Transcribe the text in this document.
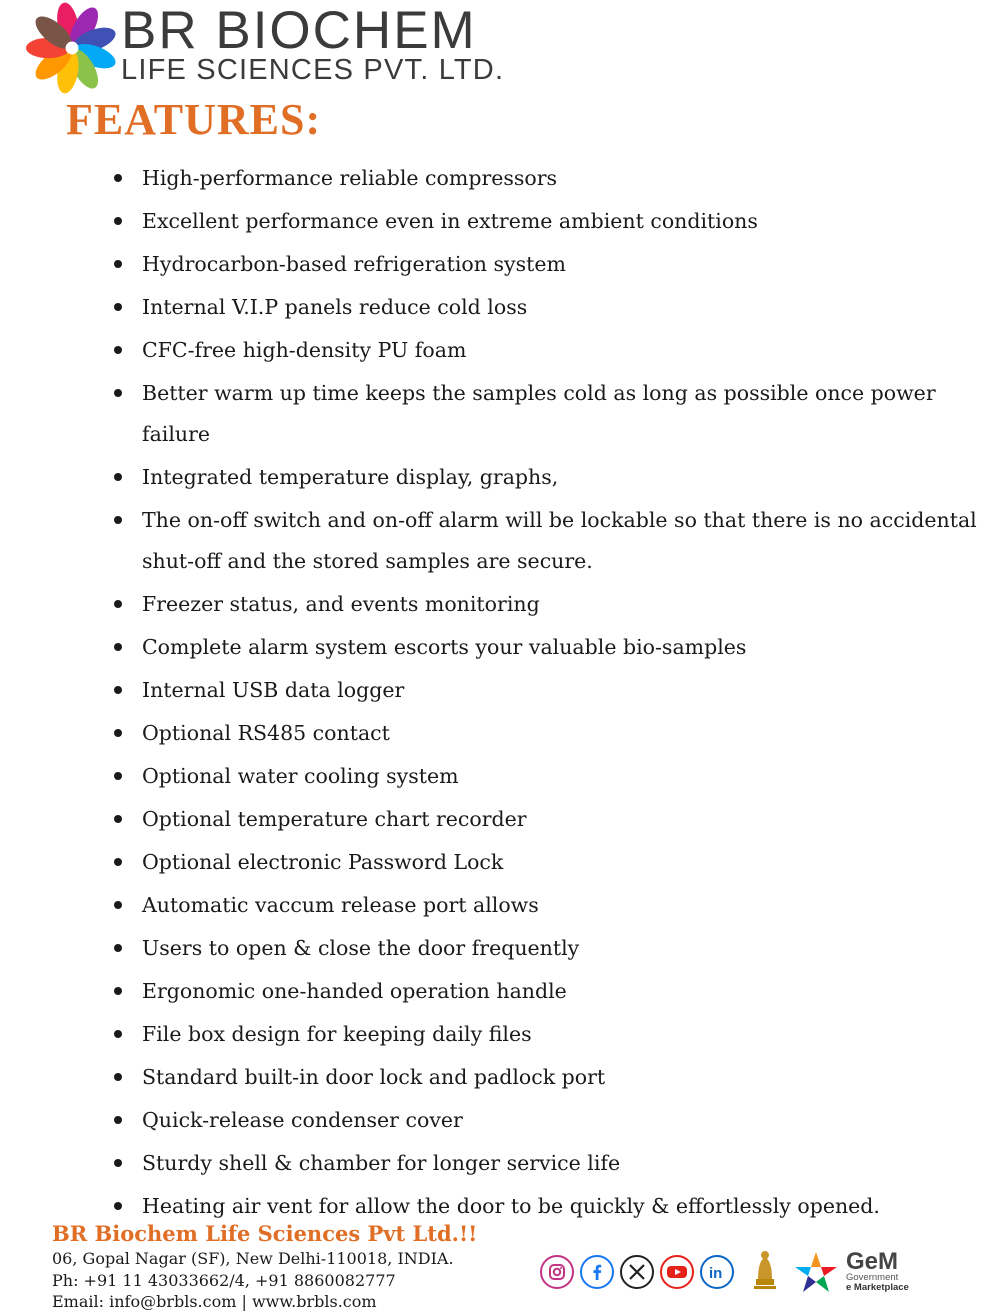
BR BIOCHEM
LIFE SCIENCES PVT. LTD.
FEATURES:
High-performance reliable compressors
Excellent performance even in extreme ambient conditions
Hydrocarbon-based refrigeration system
Internal V.I.P panels reduce cold loss
CFC-free high-density PU foam
Better warm up time keeps the samples cold as long as possible once power failure
Integrated temperature display, graphs,
The on-off switch and on-off alarm will be lockable so that there is no accidental shut-off and the stored samples are secure.
Freezer status, and events monitoring
Complete alarm system escorts your valuable bio-samples
Internal USB data logger
Optional RS485 contact
Optional water cooling system
Optional temperature chart recorder
Optional electronic Password Lock
Automatic vaccum release port allows
Users to open & close the door frequently
Ergonomic one-handed operation handle
File box design for keeping daily files
Standard built-in door lock and padlock port
Quick-release condenser cover
Sturdy shell & chamber for longer service life
Heating air vent for allow the door to be quickly & effortlessly opened.
BR Biochem Life Sciences Pvt Ltd.!!
06, Gopal Nagar (SF), New Delhi-110018, INDIA.
Ph: +91 11 43033662/4, +91 8860082777
Email: info@brbls.com | www.brbls.com
in	GeM
Government
e Marketplace
